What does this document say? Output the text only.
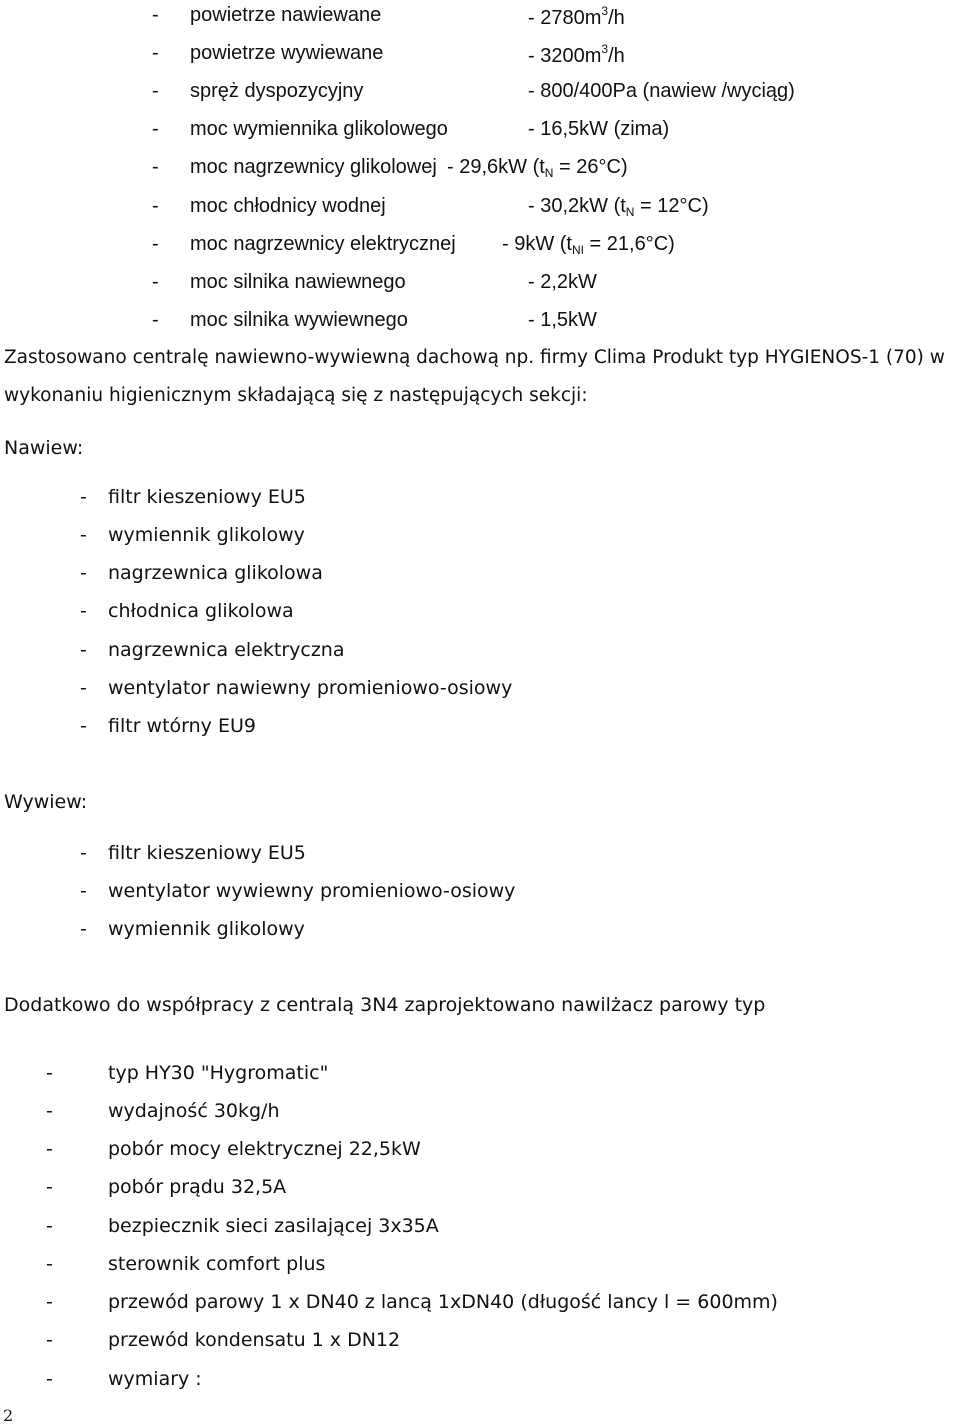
- powietrze nawiewane	- $2780m^3/h$
- powietrze wywiewane	- $3200m^3/h$
- spręż dyspozycyjny	- 800/400Pa (nawiew /wyciąg)
- moc wymiennika glikolowego	- 16,5kW (zima)
- moc nagrzewnicy glikolowej - 29,6kW $(t_N = 26^\circ C)$
- moc chłodnicy wodnej	- 30,2kW $(t_N = 12^\circ C)$
- moc nagrzewnicy elektrycznej - 9kW $(t_{NI} = 21,6^\circ C)$
- moc silnika nawiewnego	- 2,2kW
- moc silnika wywiewnego	- 1,5kW
Zastosowano centralę nawiewno-wywiewną dachową np. firmy Clima Produkt typ HYGIENOS-1 (70) w
wykonaniu higienicznym składającą się z następujących sekcji:
Nawiew:
- filtr kieszeniowy EU5
- wymiennik glikolowy
- nagrzewnica glikolowa
- chłodnica glikolowa
- nagrzewnica elektryczna
- wentylator nawiewny promieniowo-osiowy
- filtr wtórny EU9
Wywiew:
- filtr kieszeniowy EU5
- wentylator wywiewny promieniowo-osiowy
- wymiennik glikolowy
Dodatkowo do współpracy z centralą 3N4 zaprojektowano nawilżacz parowy typ
-	typ HY30 "Hygromatic"
-	wydajność 30kg/h
-	pobór mocy elektrycznej 22,5kW
-	pobór prądu 32,5A
-	bezpiecznik sieci zasilającej 3x35A
-	sterownik comfort plus
-	przewód parowy 1 x DN40 z lancą 1xDN40 (długość lancy l = 600mm)
-	przewód kondensatu 1 x DN12
-	wymiary :
2
